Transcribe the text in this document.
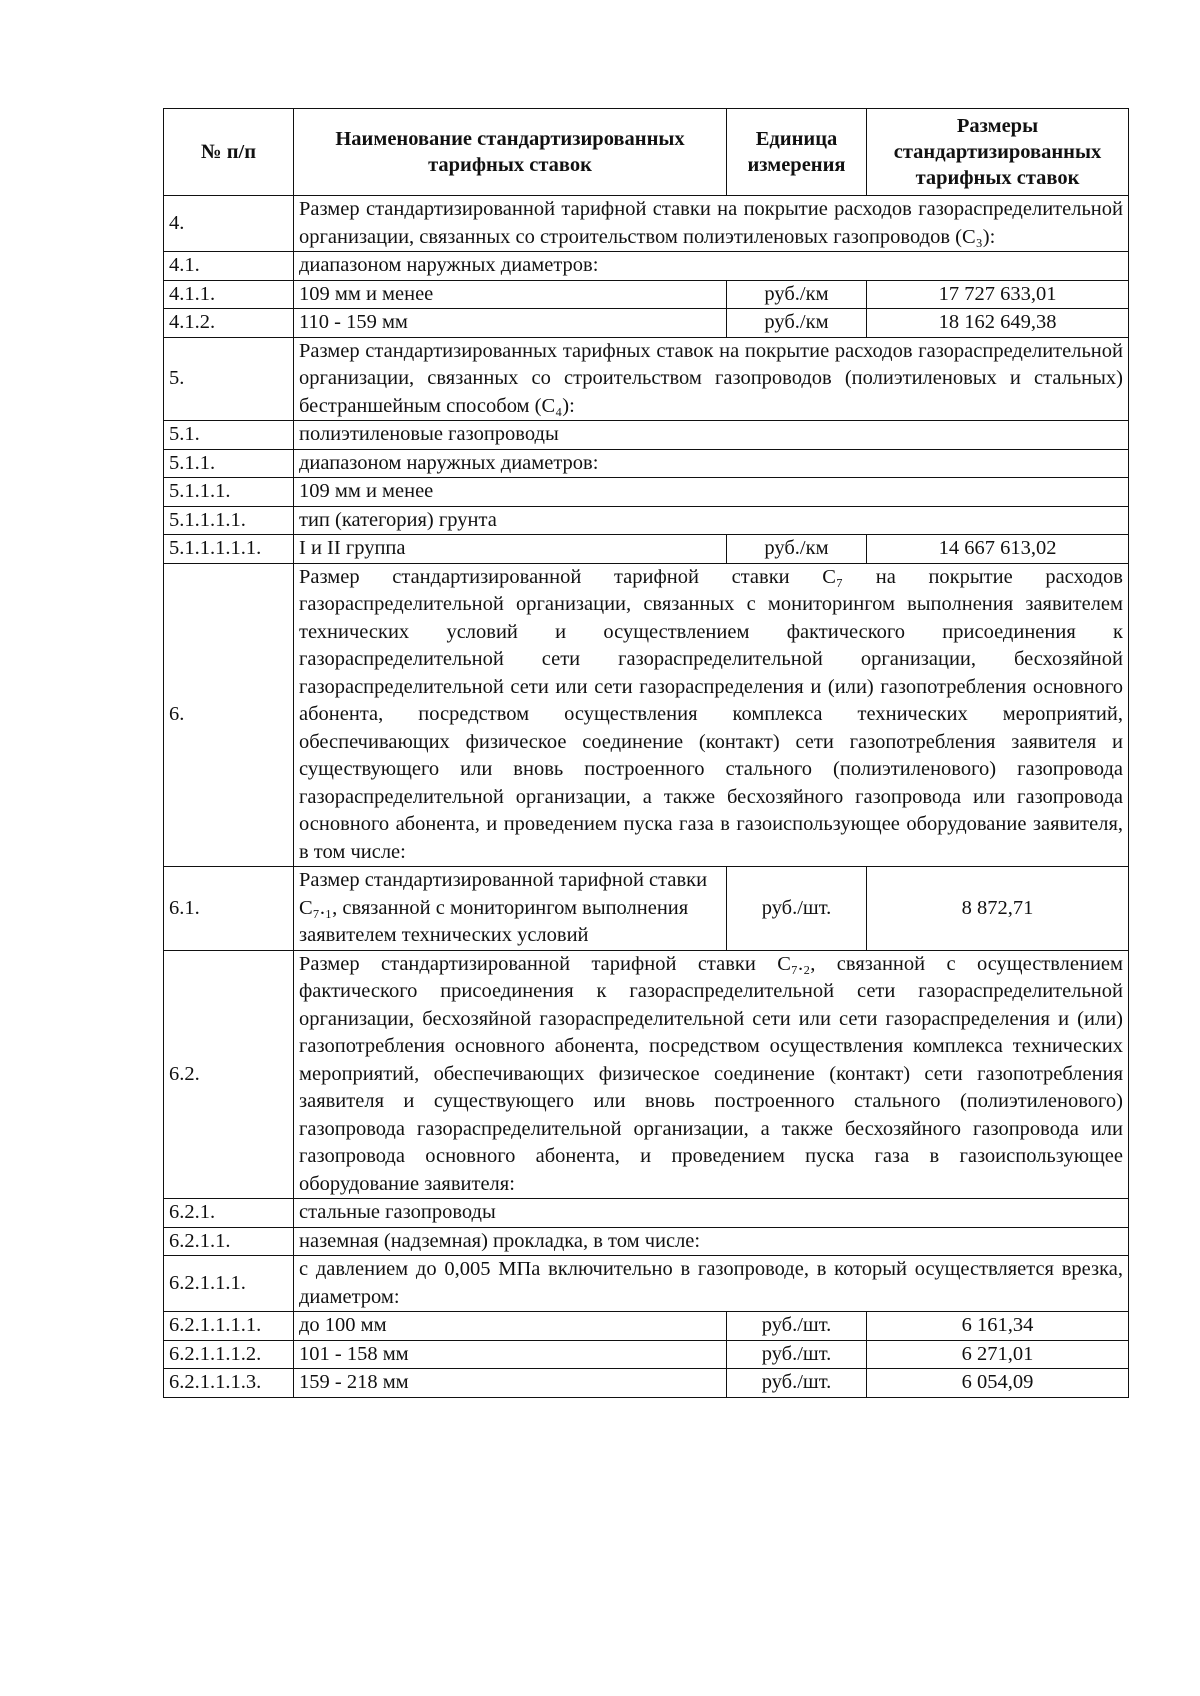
№ п/п	Наименование стандартизированных тарифных ставок	Единица измерения	Размеры стандартизированных тарифных ставок
4.	Размер стандартизированной тарифной ставки на покрытие расходов газораспределительной организации, связанных со строительством полиэтиленовых газопроводов (С₃):		
4.1.	диапазоном наружных диаметров:		
4.1.1.	109 мм и менее	руб./км	17 727 633,01
4.1.2.	110 - 159 мм	руб./км	18 162 649,38
5.	Размер стандартизированных тарифных ставок на покрытие расходов газораспределительной организации, связанных со строительством газопроводов (полиэтиленовых и стальных) бестраншейным способом (С₄):		
5.1.	полиэтиленовые газопроводы		
5.1.1.	диапазоном наружных диаметров:		
5.1.1.1.	109 мм и менее		
5.1.1.1.1.	тип (категория) грунта		
5.1.1.1.1.1.	I и II группа	руб./км	14 667 613,02
6.	Размер стандартизированной тарифной ставки С₇ на покрытие расходов газораспределительной организации, связанных с мониторингом выполнения заявителем технических условий и осуществлением фактического присоединения к газораспределительной сети газораспределительной организации, бесхозяйной газораспределительной сети или сети газораспределения и (или) газопотребления основного абонента, посредством осуществления комплекса технических мероприятий, обеспечивающих физическое соединение (контакт) сети газопотребления заявителя и существующего или вновь построенного стального (полиэтиленового) газопровода газораспределительной организации, а также бесхозяйного газопровода или газопровода основного абонента, и проведением пуска газа в газоиспользующее оборудование заявителя, в том числе:		
6.1.	Размер стандартизированной тарифной ставки С₇.₁, связанной с мониторингом выполнения заявителем технических условий	руб./шт.	8 872,71
6.2.	Размер стандартизированной тарифной ставки С₇.₂, связанной с осуществлением фактического присоединения к газораспределительной сети газораспределительной организации, бесхозяйной газораспределительной сети или сети газораспределения и (или) газопотребления основного абонента, посредством осуществления комплекса технических мероприятий, обеспечивающих физическое соединение (контакт) сети газопотребления заявителя и существующего или вновь построенного стального (полиэтиленового) газопровода газораспределительной организации, а также бесхозяйного газопровода или газопровода основного абонента, и проведением пуска газа в газоиспользующее оборудование заявителя:		
6.2.1.	стальные газопроводы		
6.2.1.1.	наземная (надземная) прокладка, в том числе:		
6.2.1.1.1.	с давлением до 0,005 МПа включительно в газопроводе, в который осуществляется врезка, диаметром:		
6.2.1.1.1.1.	до 100 мм	руб./шт.	6 161,34
6.2.1.1.1.2.	101 - 158 мм	руб./шт.	6 271,01
6.2.1.1.1.3.	159 - 218 мм	руб./шт.	6 054,09
